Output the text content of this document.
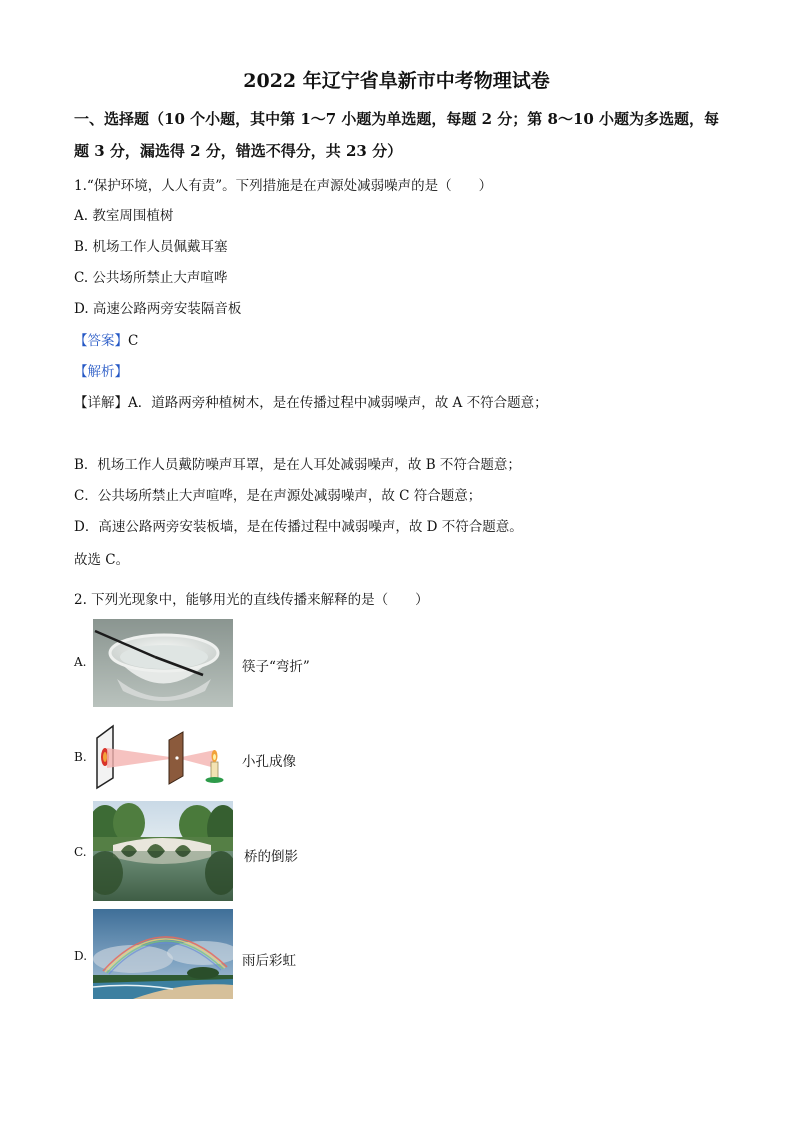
2022 年辽宁省阜新市中考物理试卷
一、选择题（10 个小题，其中第 1～7 小题为单选题，每题 2 分；第 8～10 小题为多选题，每
题 3 分，漏选得 2 分，错选不得分，共 23 分）
1.“保护环境，人人有责”。下列措施是在声源处减弱噪声的是（　　）
A. 教室周围植树
B. 机场工作人员佩戴耳塞
C. 公共场所禁止大声喧哗
D. 高速公路两旁安装隔音板
【答案】C
【解析】
【详解】A．道路两旁种植树木，是在传播过程中减弱噪声，故 A 不符合题意；
B．机场工作人员戴防噪声耳罩，是在人耳处减弱噪声，故 B 不符合题意；
C．公共场所禁止大声喧哗，是在声源处减弱噪声，故 C 符合题意；
D．高速公路两旁安装板墙，是在传播过程中减弱噪声，故 D 不符合题意。
故选 C。
2. 下列光现象中，能够用光的直线传播来解释的是（　　）
A.	筷子“弯折”
B.	小孔成像
C.	桥的倒影
D.	雨后彩虹
